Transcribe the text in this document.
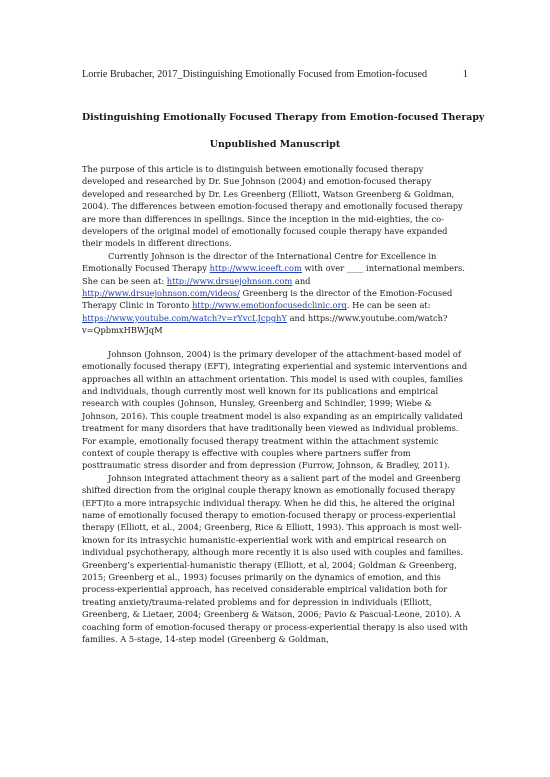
Lorrie Brubacher, 2017_Distinguishing Emotionally Focused from Emotion-focused	1
Distinguishing Emotionally Focused Therapy from Emotion-focused Therapy
Unpublished Manuscript

The purpose of this article is to distinguish between emotionally focused therapy developed and researched by Dr. Sue Johnson (2004) and emotion-focused therapy developed and researched by Dr. Les Greenberg (Elliott, Watson Greenberg & Goldman, 2004). The differences between emotion-focused therapy and emotionally focused therapy are more than differences in spellings. Since the inception in the mid-eighties, the co-developers of the original model of emotionally focused couple therapy have expanded their models in different directions.

Currently Johnson is the director of the International Centre for Excellence in Emotionally Focused Therapy http://www.iceeft.com with over ____ international members. She can be seen at: http://www.drsuejohnson.com and http://www.drsuejohnson.com/videos/ Greenberg is the director of the Emotion-Focused Therapy Clinic in Toronto http://www.emotionfocusedclinic.org. He can be seen at: https://www.youtube.com/watch?v=rYvcLJcpghY and https://www.youtube.com/watch?v=QpbmxHBWJqM

Johnson (Johnson, 2004) is the primary developer of the attachment-based model of emotionally focused therapy (EFT), integrating experiential and systemic interventions and approaches all within an attachment orientation. This model is used with couples, families and individuals, though currently most well known for its publications and empirical research with couples (Johnson, Hunsley, Greenberg and Schindler, 1999; Wiebe & Johnson, 2016). This couple treatment model is also expanding as an empirically validated treatment for many disorders that have traditionally been viewed as individual problems. For example, emotionally focused therapy treatment within the attachment systemic context of couple therapy is effective with couples where partners suffer from posttraumatic stress disorder and from depression (Furrow, Johnson, & Bradley, 2011).

Johnson integrated attachment theory as a salient part of the model and Greenberg shifted direction from the original couple therapy known as emotionally focused therapy (EFT)to a more intrapsychic individual therapy. When he did this, he altered the original name of emotionally focused therapy to emotion-focused therapy or process-experiential therapy (Elliott, et al., 2004; Greenberg, Rice & Elliott, 1993). This approach is most well-known for its intrasychic humanistic-experiential work with and empirical research on individual psychotherapy, although more recently it is also used with couples and families. Greenberg’s experiential-humanistic therapy (Elliott, et al, 2004; Goldman & Greenberg, 2015; Greenberg et al., 1993) focuses primarily on the dynamics of emotion, and this process-experiential approach, has received considerable empirical validation both for treating anxiety/trauma-related problems and for depression in individuals (Elliott, Greenberg, & Lietaer, 2004; Greenberg & Watson, 2006; Pavio & Pascual-Leone, 2010). A coaching form of emotion-focused therapy or process-experiential therapy is also used with families. A 5-stage, 14-step model (Greenberg & Goldman,
